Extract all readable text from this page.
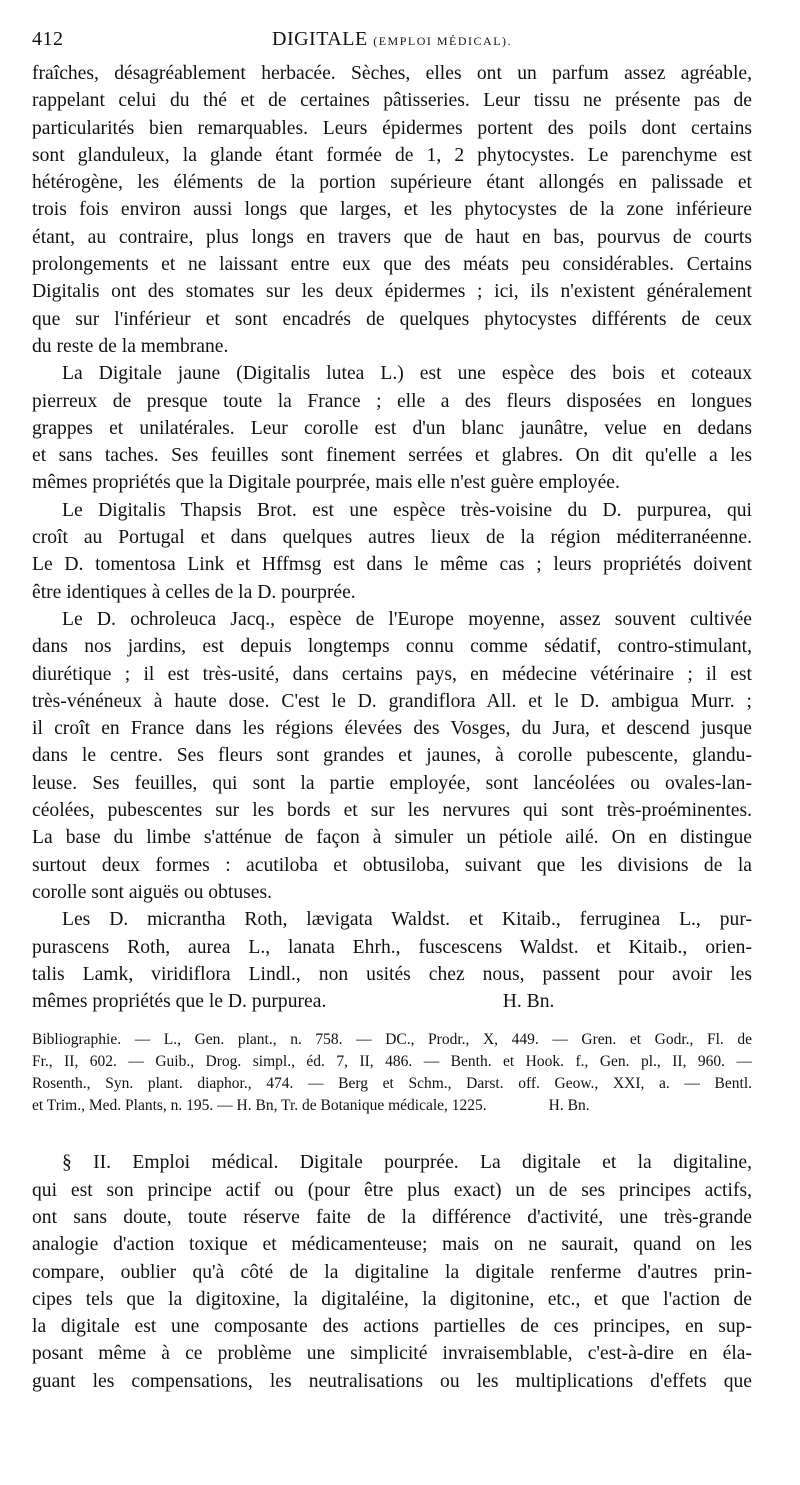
412	DIGITALE (EMPLOI MÉDICAL).
fraîches, désagréablement herbacée. Sèches, elles ont un parfum assez agréable,
rappelant celui du thé et de certaines pâtisseries. Leur tissu ne présente pas de
particularités bien remarquables. Leurs épidermes portent des poils dont certains
sont glanduleux, la glande étant formée de 1, 2 phytocystes. Le parenchyme est
hétérogène, les éléments de la portion supérieure étant allongés en palissade et
trois fois environ aussi longs que larges, et les phytocystes de la zone inférieure
étant, au contraire, plus longs en travers que de haut en bas, pourvus de courts
prolongements et ne laissant entre eux que des méats peu considérables. Certains
Digitalis ont des stomates sur les deux épidermes ; ici, ils n'existent généralement
que sur l'inférieur et sont encadrés de quelques phytocystes différents de ceux
du reste de la membrane.
La Digitale jaune (Digitalis lutea L.) est une espèce des bois et coteaux
pierreux de presque toute la France ; elle a des fleurs disposées en longues
grappes et unilatérales. Leur corolle est d'un blanc jaunâtre, velue en dedans
et sans taches. Ses feuilles sont finement serrées et glabres. On dit qu'elle a les
mêmes propriétés que la Digitale pourprée, mais elle n'est guère employée.
Le Digitalis Thapsis Brot. est une espèce très-voisine du D. purpurea, qui
croît au Portugal et dans quelques autres lieux de la région méditerranéenne.
Le D. tomentosa Link et Hffmsg est dans le même cas ; leurs propriétés doivent
être identiques à celles de la D. pourprée.
Le D. ochroleuca Jacq., espèce de l'Europe moyenne, assez souvent cultivée
dans nos jardins, est depuis longtemps connu comme sédatif, contro-stimulant,
diurétique ; il est très-usité, dans certains pays, en médecine vétérinaire ; il est
très-vénéneux à haute dose. C'est le D. grandiflora All. et le D. ambigua Murr. ;
il croît en France dans les régions élevées des Vosges, du Jura, et descend jusque
dans le centre. Ses fleurs sont grandes et jaunes, à corolle pubescente, glandu-
leuse. Ses feuilles, qui sont la partie employée, sont lancéolées ou ovales-lan-
céolées, pubescentes sur les bords et sur les nervures qui sont très-proéminentes.
La base du limbe s'atténue de façon à simuler un pétiole ailé. On en distingue
surtout deux formes : acutiloba et obtusiloba, suivant que les divisions de la
corolle sont aiguës ou obtuses.
Les D. micrantha Roth, lævigata Waldst. et Kitaib., ferruginea L., pur-
purascens Roth, aurea L., lanata Ehrh., fuscescens Waldst. et Kitaib., orien-
talis Lamk, viridiflora Lindl., non usités chez nous, passent pour avoir les
mêmes propriétés que le D. purpurea.                                    H. Bn.
Bibliographie. — L., Gen. plant., n. 758. — DC., Prodr., X, 449. — Gren. et Godr., Fl. de
Fr., II, 602. — Guib., Drog. simpl., éd. 7, II, 486. — Benth. et Hook. f., Gen. pl., II, 960. —
Rosenth., Syn. plant. diaphor., 474. — Berg et Schm., Darst. off. Geow., XXI, a. — Bentl.
et Trim., Med. Plants, n. 195. — H. Bn, Tr. de Botanique médicale, 1225.                H. Bn.
§ II. Emploi médical. Digitale pourprée. La digitale et la digitaline,
qui est son principe actif ou (pour être plus exact) un de ses principes actifs,
ont sans doute, toute réserve faite de la différence d'activité, une très-grande
analogie d'action toxique et médicamenteuse; mais on ne saurait, quand on les
compare, oublier qu'à côté de la digitaline la digitale renferme d'autres prin-
cipes tels que la digitoxine, la digitaléine, la digitonine, etc., et que l'action de
la digitale est une composante des actions partielles de ces principes, en sup-
posant même à ce problème une simplicité invraisemblable, c'est-à-dire en éla-
guant les compensations, les neutralisations ou les multiplications d'effets que
